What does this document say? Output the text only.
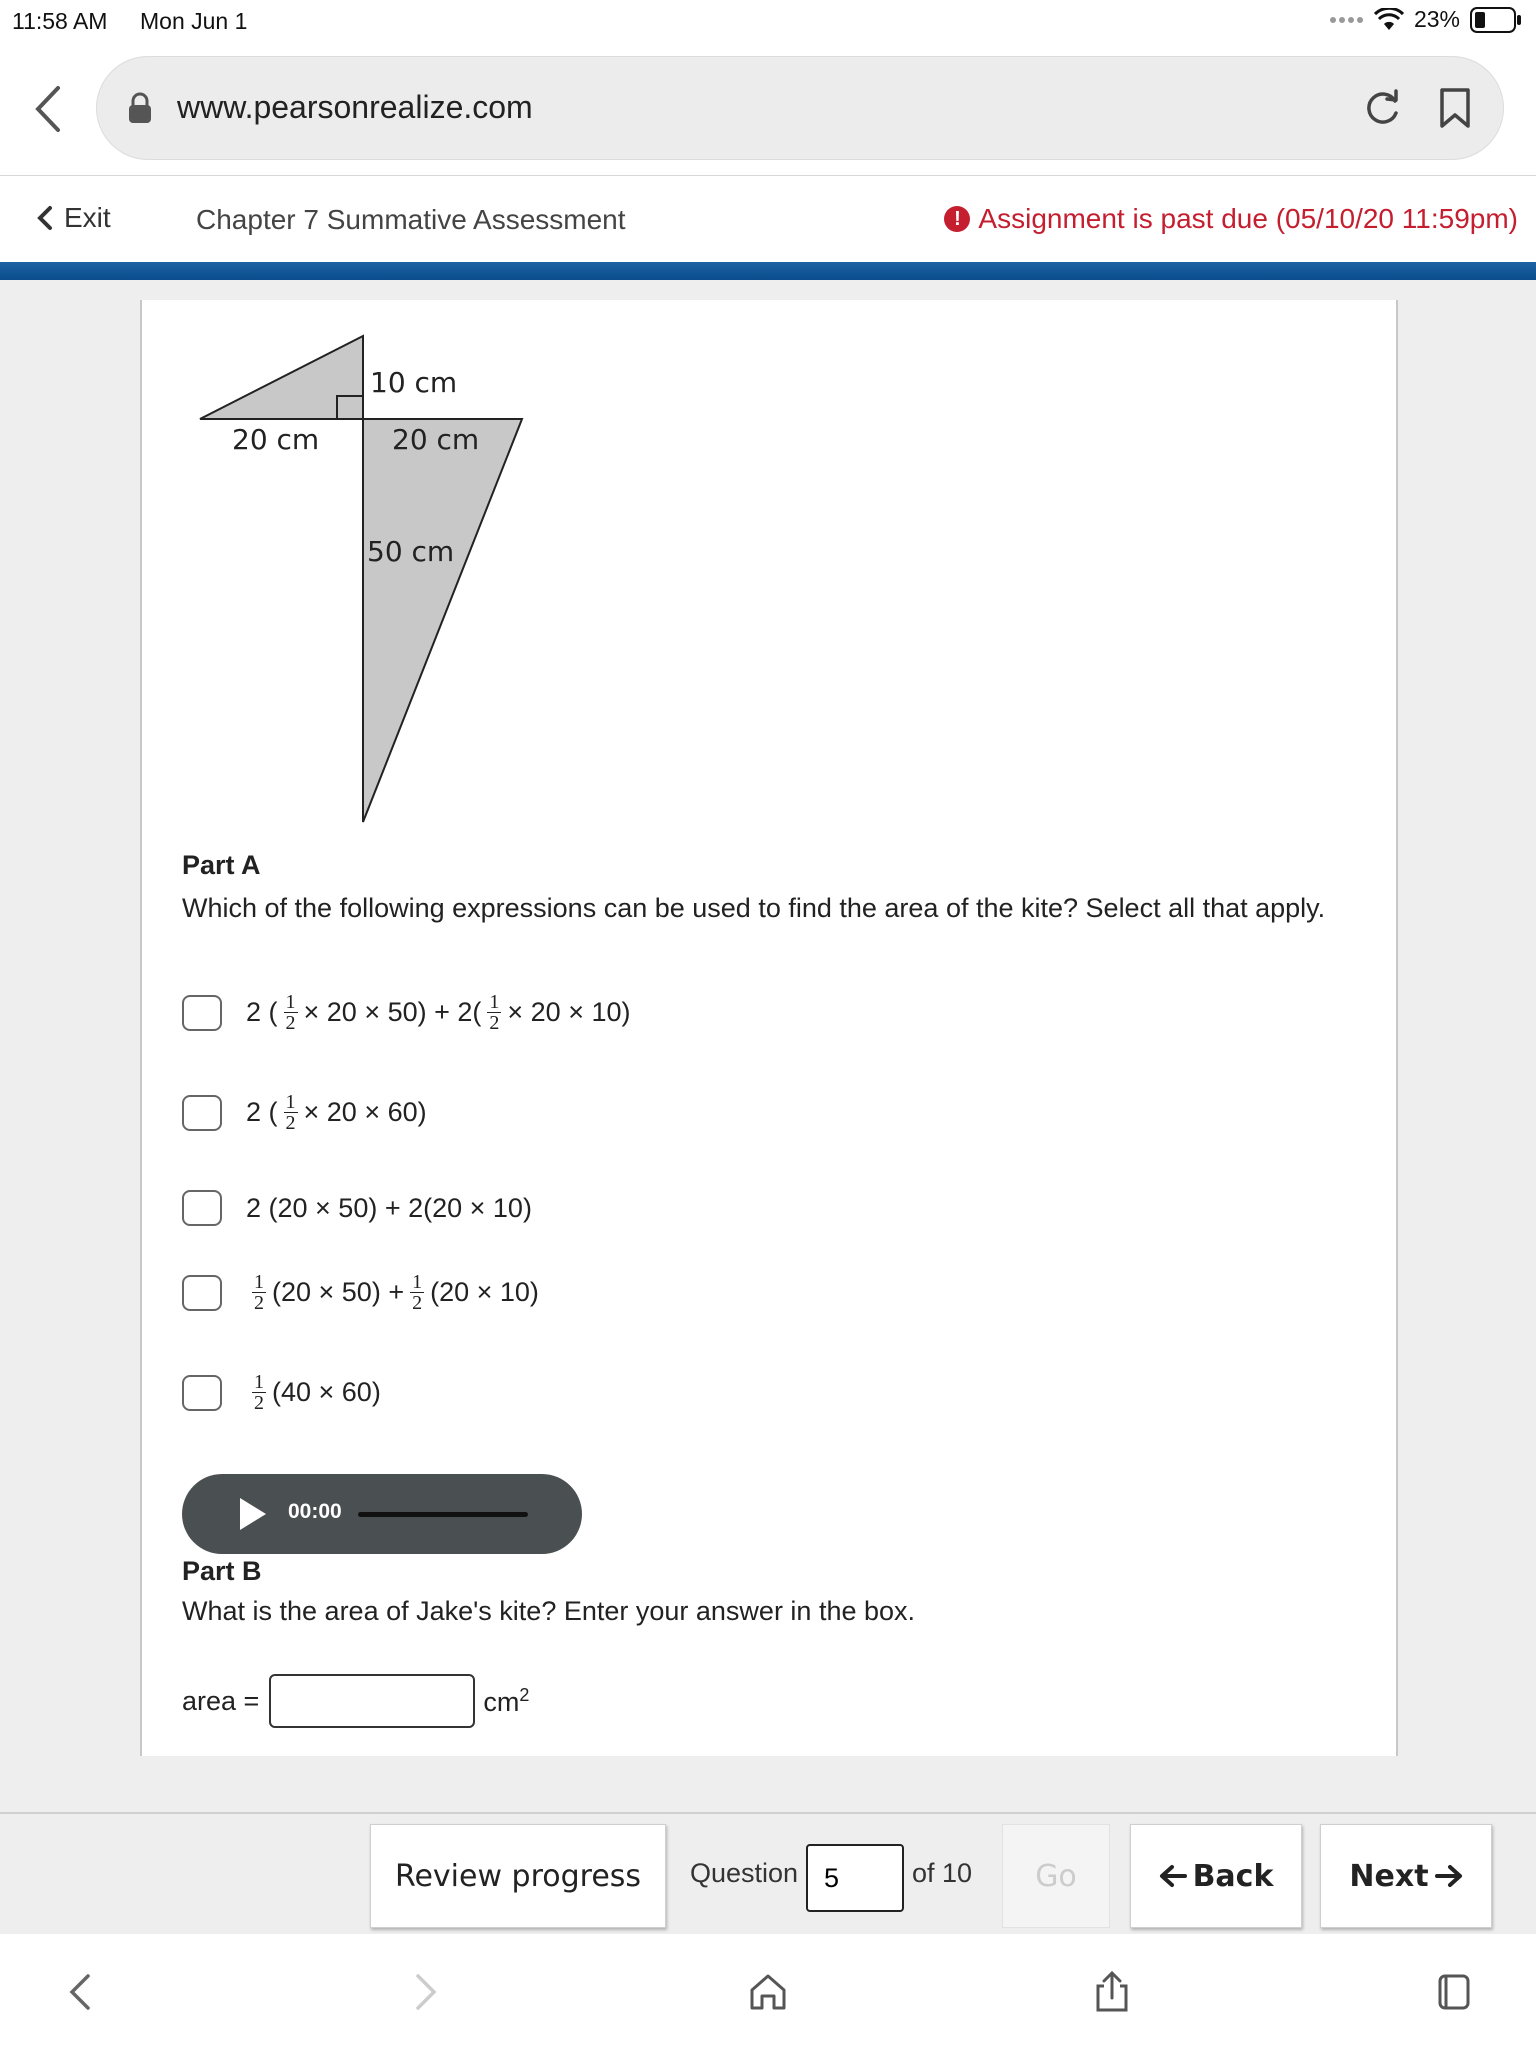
11:58 AM Mon Jun 1	23%
www.pearsonrealize.com
Exit	Chapter 7 Summative Assessment	! Assignment is past due (05/10/20 11:59pm)
10 cm
20 cm	20 cm
50 cm
Part A
Which of the following expressions can be used to find the area of the kite? Select all that apply.
2 ( $\frac{1}{2} \times 20 \times 50) + 2( \frac{1}{2} \times 20 \times 10)$
2 ( $\frac{1}{2} \times 20 \times 60$)
2 (20 × 50) + 2(20 × 10)
$\frac{1}{2} (20 \times 50) + \frac{1}{2} (20 \times 10)$
$\frac{1}{2} (40 \times 60)$
00:00
Part B
What is the area of Jake's kite? Enter your answer in the box.
area =	$cm^2$
Review progress	Question
5	of 10	Go	Back	Next
